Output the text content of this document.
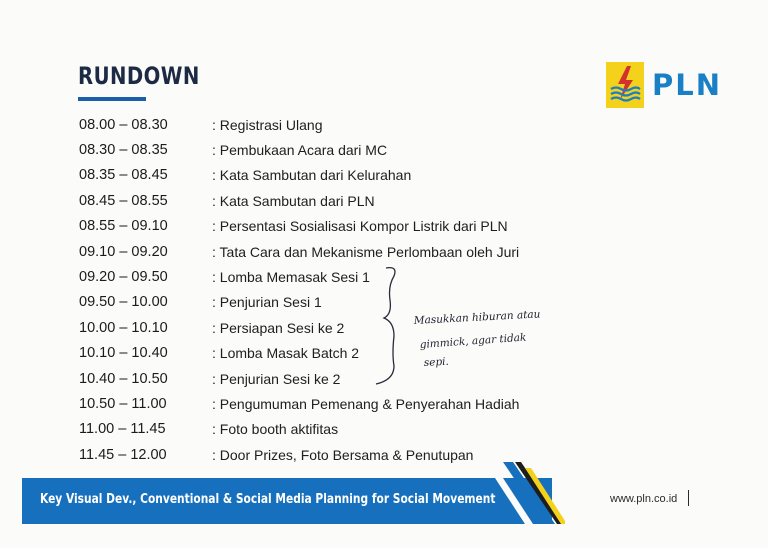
RUNDOWN	PLN
08.00 – 08.30	: Registrasi Ulang
08.30 – 08.35	: Pembukaan Acara dari MC
08.35 – 08.45	: Kata Sambutan dari Kelurahan
08.45 – 08.55	: Kata Sambutan dari PLN
08.55 – 09.10	: Persentasi Sosialisasi Kompor Listrik dari PLN
09.10 – 09.20	: Tata Cara dan Mekanisme Perlombaan oleh Juri
09.20 – 09.50	: Lomba Memasak Sesi 1
09.50 – 10.00	: Penjurian Sesi 1
10.00 – 10.10	: Persiapan Sesi ke 2
10.10 – 10.40	: Lomba Masak Batch 2
10.40 – 10.50	: Penjurian Sesi ke 2
10.50 – 11.00	: Pengumuman Pemenang & Penyerahan Hadiah
11.00 – 11.45	: Foto booth aktifitas
11.45 – 12.00	: Door Prizes, Foto Bersama & Penutupan
Masukkan hiburan atau
gimmick, agar tidak
sepi.
Key Visual Dev., Conventional & Social Media Planning for Social Movement	www.pln.co.id
